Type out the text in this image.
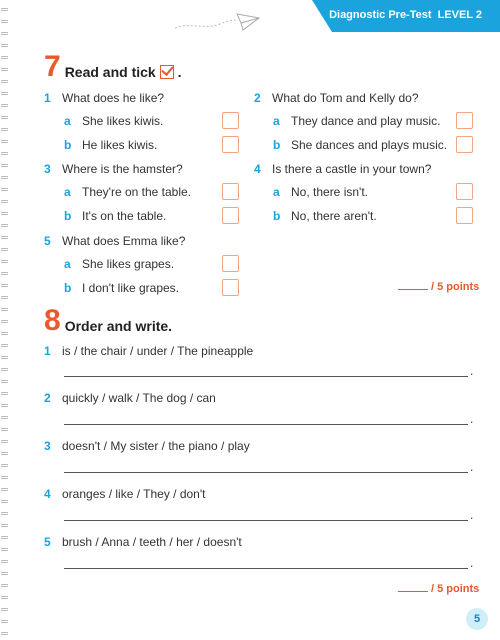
Diagnostic Pre-Test LEVEL 2
7 Read and tick .
1 What does he like?
a She likes kiwis.
b He likes kiwis.
2 What do Tom and Kelly do?
a They dance and play music.
b She dances and plays music.
3 Where is the hamster?
a They're on the table.
b It's on the table.
4 Is there a castle in your town?
a No, there isn't.
b No, there aren't.
5 What does Emma like?
a She likes grapes.
b I don't like grapes.	/ 5 points
8 Order and write.
1 is / the chair / under / The pineapple
.
2 quickly / walk / The dog / can
.
3 doesn't / My sister / the piano / play
.
4 oranges / like / They / don't
.
5 brush / Anna / teeth / her / doesn't
.
/ 5 points
5
